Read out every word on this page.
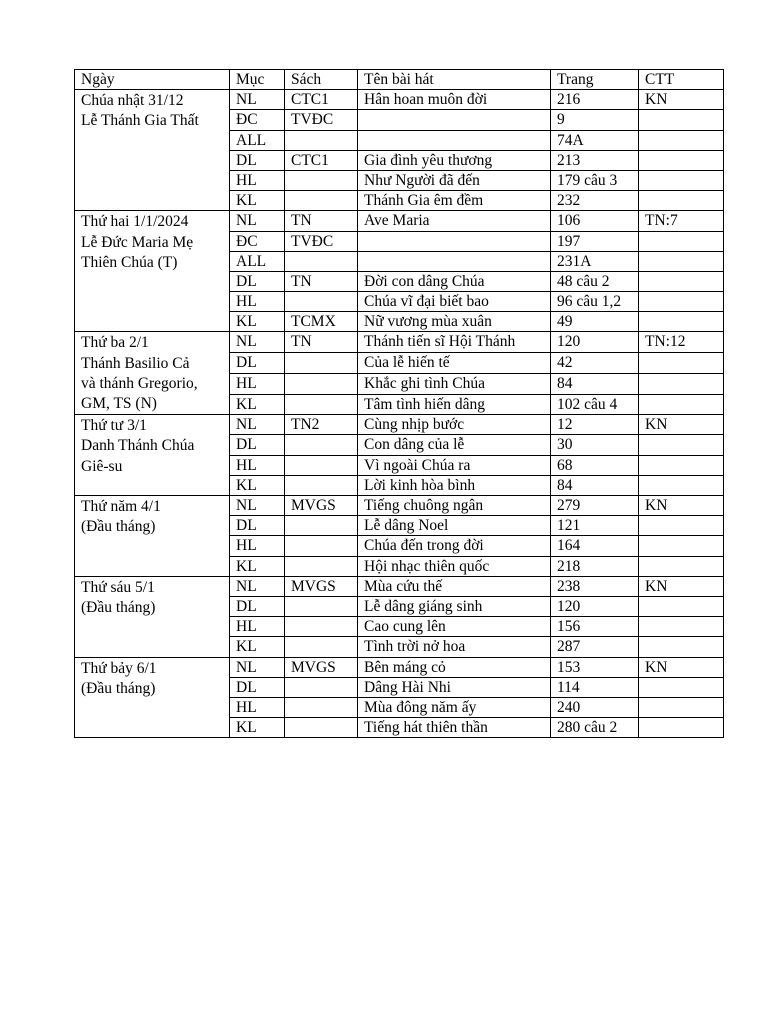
Ngày	Mục	Sách	Tên bài hát	Trang	CTT

Chúa nhật 31/12
Lễ Thánh Gia Thất	NL	CTC1	Hân hoan muôn đời	216	KN
	ĐC	TVĐC		9	
	ALL			74A	
	DL	CTC1	Gia đình yêu thương	213	
	HL		Như Người đã đến	179 câu 3	
	KL		Thánh Gia êm đềm	232	

Thứ hai 1/1/2024
Lễ Đức Maria Mẹ
Thiên Chúa (T)	NL	TN	Ave Maria	106	TN:7
	ĐC	TVĐC		197	
	ALL			231A	
	DL	TN	Đời con dâng Chúa	48 câu 2	
	HL		Chúa vĩ đại biết bao	96 câu 1,2	
	KL	TCMX	Nữ vương mùa xuân	49	

Thứ ba 2/1
Thánh Basilio Cả
và thánh Gregorio,
GM, TS (N)	NL	TN	Thánh tiến sĩ Hội Thánh	120	TN:12
	DL		Của lễ hiến tế	42	
	HL		Khắc ghi tình Chúa	84	
	KL		Tâm tình hiến dâng	102 câu 4	

Thứ tư 3/1
Danh Thánh Chúa
Giê-su	NL	TN2	Cùng nhịp bước	12	KN
	DL		Con dâng của lễ	30	
	HL		Vì ngoài Chúa ra	68	
	KL		Lời kinh hòa bình	84	

Thứ năm 4/1
(Đầu tháng)	NL	MVGS	Tiếng chuông ngân	279	KN
	DL		Lễ dâng Noel	121	
	HL		Chúa đến trong đời	164	
	KL		Hội nhạc thiên quốc	218	

Thứ sáu 5/1
(Đầu tháng)	NL	MVGS	Mùa cứu thế	238	KN
	DL		Lễ dâng giáng sinh	120	
	HL		Cao cung lên	156	
	KL		Tình trời nở hoa	287	

Thứ bảy 6/1
(Đầu tháng)	NL	MVGS	Bên máng cỏ	153	KN
	DL		Dâng Hài Nhi	114	
	HL		Mùa đông năm ấy	240	
	KL		Tiếng hát thiên thần	280 câu 2	
